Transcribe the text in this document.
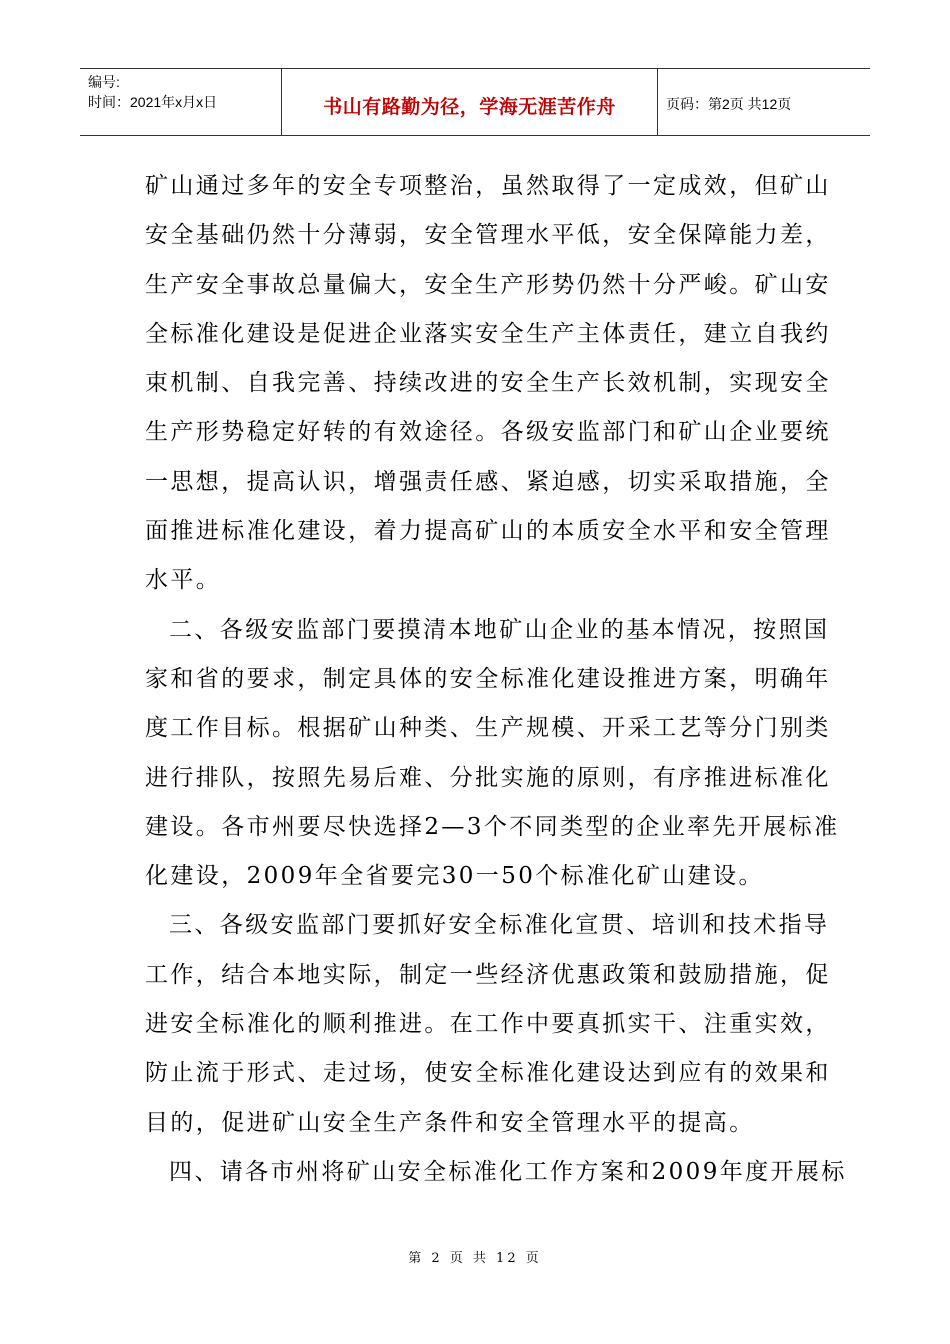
编号:
时间：2021年x月x日	书山有路勤为径，学海无涯苦作舟	页码：第2页 共12页
矿山通过多年的安全专项整治，虽然取得了一定成效，但矿山
安全基础仍然十分薄弱，安全管理水平低，安全保障能力差，
生产安全事故总量偏大，安全生产形势仍然十分严峻。矿山安
全标准化建设是促进企业落实安全生产主体责任，建立自我约
束机制、自我完善、持续改进的安全生产长效机制，实现安全
生产形势稳定好转的有效途径。各级安监部门和矿山企业要统
一思想，提高认识，增强责任感、紧迫感，切实采取措施，全
面推进标准化建设，着力提高矿山的本质安全水平和安全管理
水平。
二、各级安监部门要摸清本地矿山企业的基本情况，按照国
家和省的要求，制定具体的安全标准化建设推进方案，明确年
度工作目标。根据矿山种类、生产规模、开采工艺等分门别类
进行排队，按照先易后难、分批实施的原则，有序推进标准化
建设。各市州要尽快选择2—3个不同类型的企业率先开展标准
化建设，2009年全省要完30一50个标准化矿山建设。
三、各级安监部门要抓好安全标准化宣贯、培训和技术指导
工作，结合本地实际，制定一些经济优惠政策和鼓励措施，促
进安全标准化的顺利推进。在工作中要真抓实干、注重实效，
防止流于形式、走过场，使安全标准化建设达到应有的效果和
目的，促进矿山安全生产条件和安全管理水平的提高。
四、请各市州将矿山安全标准化工作方案和2009年度开展标
第 2 页 共 12 页
